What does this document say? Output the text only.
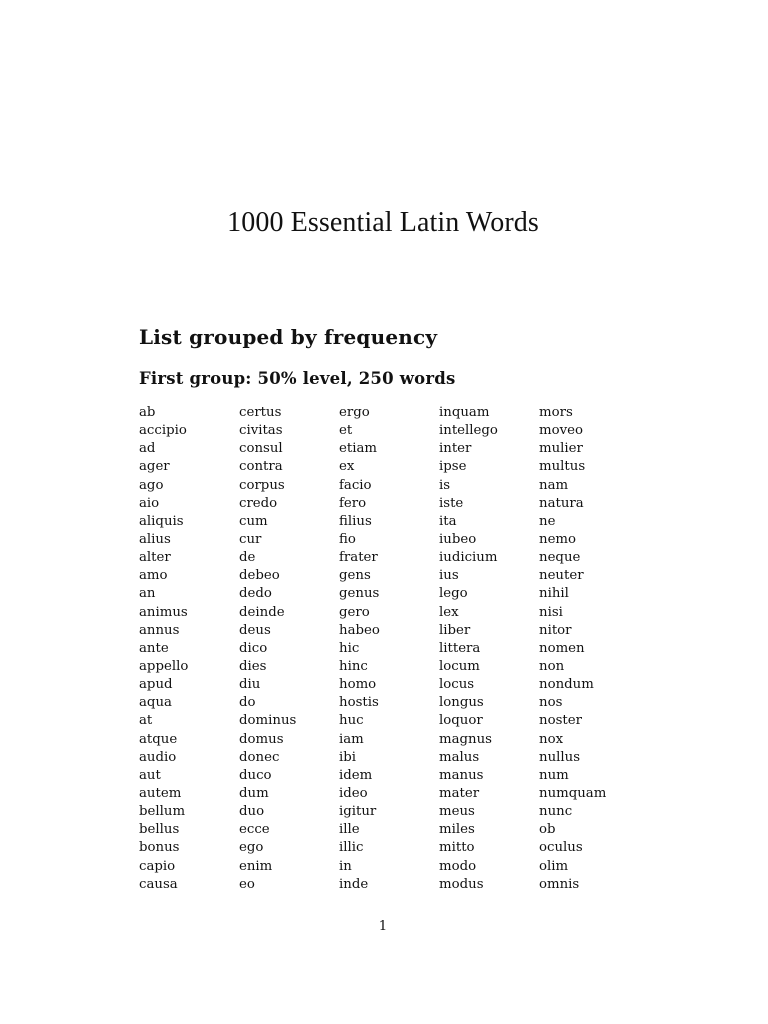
1000 Essential Latin Words
List grouped by frequency
First group: 50% level, 250 words
ab
accipio
ad
ager
ago
aio
aliquis
alius
alter
amo
an
animus
annus
ante
appello
apud
aqua
at
atque
audio
aut
autem
bellum
bellus
bonus
capio
causa
certus
civitas
consul
contra
corpus
credo
cum
cur
de
debeo
dedo
deinde
deus
dico
dies
diu
do
dominus
domus
donec
duco
dum
duo
ecce
ego
enim
eo
ergo
et
etiam
ex
facio
fero
filius
fio
frater
gens
genus
gero
habeo
hic
hinc
homo
hostis
huc
iam
ibi
idem
ideo
igitur
ille
illic
in
inde
inquam
intellego
inter
ipse
is
iste
ita
iubeo
iudicium
ius
lego
lex
liber
littera
locum
locus
longus
loquor
magnus
malus
manus
mater
meus
miles
mitto
modo
modus
mors
moveo
mulier
multus
nam
natura
ne
nemo
neque
neuter
nihil
nisi
nitor
nomen
non
nondum
nos
noster
nox
nullus
num
numquam
nunc
ob
oculus
olim
omnis
1
